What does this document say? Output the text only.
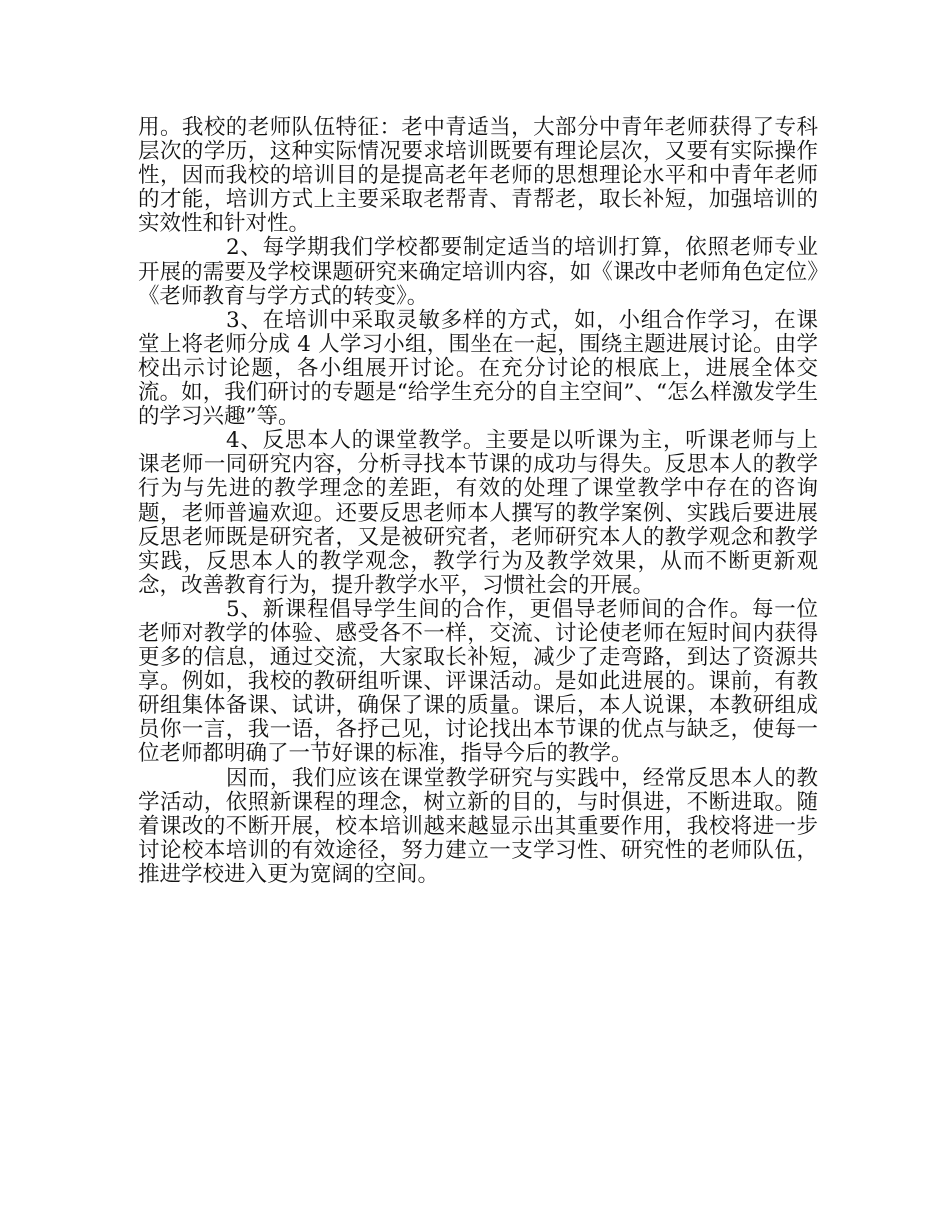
用。我校的老师队伍特征：老中青适当，大部分中青年老师获得了专科层次的学历，这种实际情况要求培训既要有理论层次，又要有实际操作性，因而我校的培训目的是提高老年老师的思想理论水平和中青年老师的才能，培训方式上主要采取老帮青、青帮老，取长补短，加强培训的实效性和针对性。

2、每学期我们学校都要制定适当的培训打算，依照老师专业开展的需要及学校课题研究来确定培训内容，如《课改中老师角色定位》《老师教育与学方式的转变》。

3、在培训中采取灵敏多样的方式，如，小组合作学习，在课堂上将老师分成 4 人学习小组，围坐在一起，围绕主题进展讨论。由学校出示讨论题，各小组展开讨论。在充分讨论的根底上，进展全体交流。如，我们研讨的专题是“给学生充分的自主空间”、“怎么样激发学生的学习兴趣”等。

4、反思本人的课堂教学。主要是以听课为主，听课老师与上课老师一同研究内容，分析寻找本节课的成功与得失。反思本人的教学行为与先进的教学理念的差距，有效的处理了课堂教学中存在的咨询题，老师普遍欢迎。还要反思老师本人撰写的教学案例、实践后要进展反思老师既是研究者，又是被研究者，老师研究本人的教学观念和教学实践，反思本人的教学观念，教学行为及教学效果，从而不断更新观念，改善教育行为，提升教学水平，习惯社会的开展。

5、新课程倡导学生间的合作，更倡导老师间的合作。每一位老师对教学的体验、感受各不一样，交流、讨论使老师在短时间内获得更多的信息，通过交流，大家取长补短，减少了走弯路，到达了资源共享。例如，我校的教研组听课、评课活动。是如此进展的。课前，有教研组集体备课、试讲，确保了课的质量。课后，本人说课，本教研组成员你一言，我一语，各抒己见，讨论找出本节课的优点与缺乏，使每一位老师都明确了一节好课的标准，指导今后的教学。

因而，我们应该在课堂教学研究与实践中，经常反思本人的教学活动，依照新课程的理念，树立新的目的，与时俱进，不断进取。随着课改的不断开展，校本培训越来越显示出其重要作用，我校将进一步讨论校本培训的有效途径，努力建立一支学习性、研究性的老师队伍，推进学校进入更为宽阔的空间。
